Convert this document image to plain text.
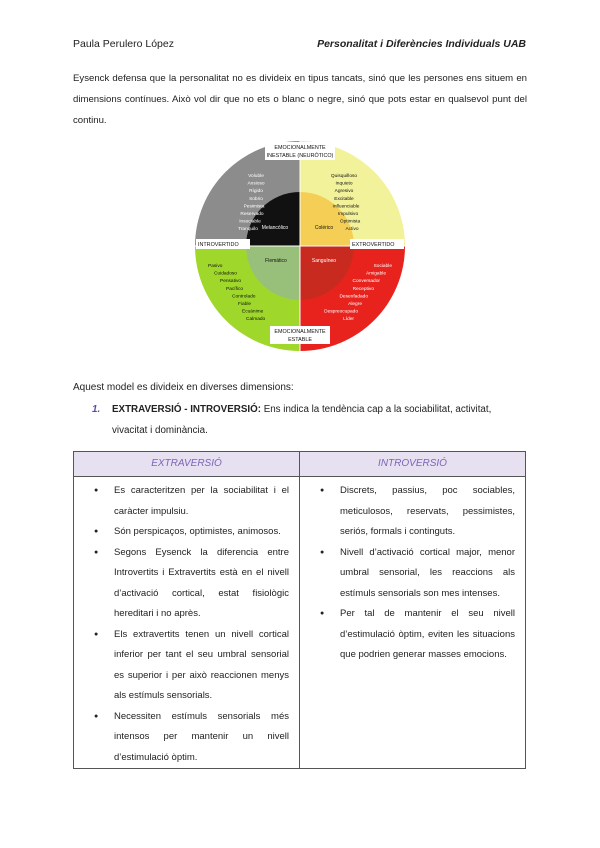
Paula Perulero López	Personalitat i Diferències Individuals UAB
Eysenck defensa que la personalitat no es divideix en tipus tancats, sinó que les persones ens situem en dimensions contínues. Això vol dir que no ets o blanc o negre, sinó que pots estar en qualsevol punt del continu.
EMOCIONALMENTE
INESTABLE (NEURÓTICO)
EMOCIONALMENTE
ESTABLE
INTROVERTIDO	EXTROVERTIDO
Melancólico	Colérico
Flemático	Sanguíneo
Voluble
Ansioso
Rígido
Sobrio
Pesimista
Reservado
Insociable
Tranquilo
Quisquilloso
Inquieto
Agresivo
Excitable
Influenciable
Impulsivo
Optimista
Activo
Pasivo
Cuidadoso
Pensativo
Pacífico
Controlado
Fiable
Ecuánime
Calmado
Sociable
Amigable
Conversador
Receptivo
Desenfadado
Alegre
Despreocupado
Líder
Aquest model es divideix en diverses dimensions:
1. EXTRAVERSIÓ - INTROVERSIÓ: Ens indica la tendència cap a la sociabilitat, activitat, vivacitat i dominància.
EXTRAVERSIÓ	INTROVERSIÓ
● Es caracteritzen per la sociabilitat i el caràcter impulsiu.
● Són perspicaços, optimistes, animosos.
● Segons Eysenck la diferencia entre Introvertits i Extravertits està en el nivell d’activació cortical, estat fisiològic hereditari i no après.
● Els extravertits tenen un nivell cortical inferior per tant el seu umbral sensorial es superior i per això reaccionen menys als estímuls sensorials.
● Necessiten estímuls sensorials més intensos per mantenir un nivell d’estimulació òptim.
● Discrets, passius, poc sociables, meticulosos, reservats, pessimistes, seriós, formals i continguts.
● Nivell d’activació cortical major, menor umbral sensorial, les reaccions als estímuls sensorials son mes intenses.
● Per tal de mantenir el seu nivell d’estimulació òptim, eviten les situacions que podrien generar masses emocions.
